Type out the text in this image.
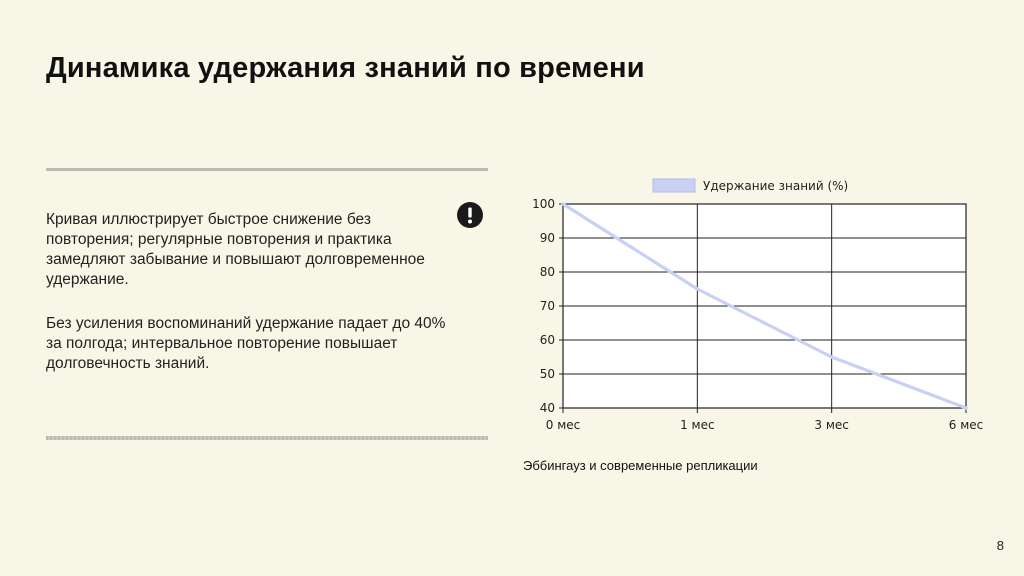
Динамика удержания знаний по времени
Кривая иллюстрирует быстрое снижение без повторения; регулярные повторения и практика замедляют забывание и повышают долговременное удержание.
Без усиления воспоминаний удержание падает до 40% за полгода; интервальное повторение повышает долговечность знаний.
100
90
80
70
60
50
40
0 мес	1 мес	3 мес	6 мес
Удержание знаний (%)
Эббингауз и современные репликации
8
